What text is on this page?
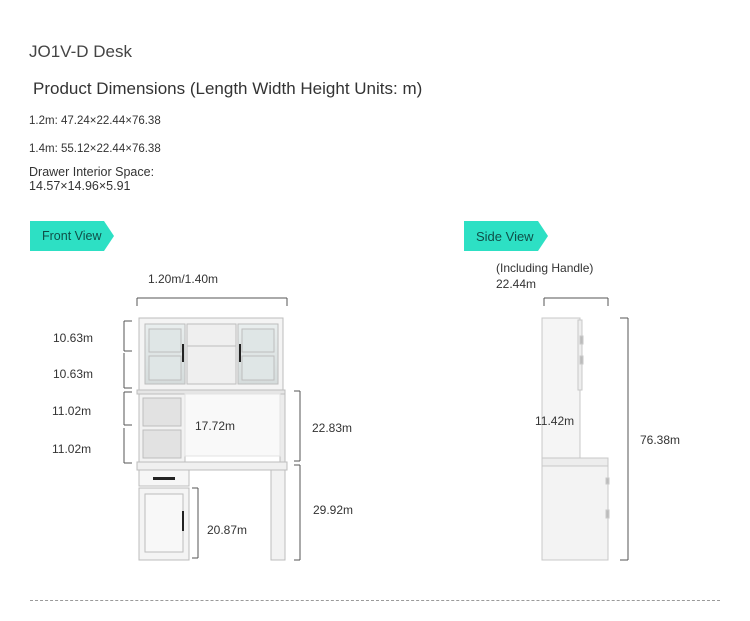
JO1V-D Desk
Product Dimensions (Length Width Height Units: m)
1.2m: 47.24×22.44×76.38
1.4m: 55.12×22.44×76.38
Drawer Interior Space:
14.57×14.96×5.91
Front View	Side View
1.20m/1.40m
10.63m
10.63m
11.02m
11.02m
17.72m
20.87m
22.83m
29.92m
(Including Handle)
22.44m
11.42m
76.38m
